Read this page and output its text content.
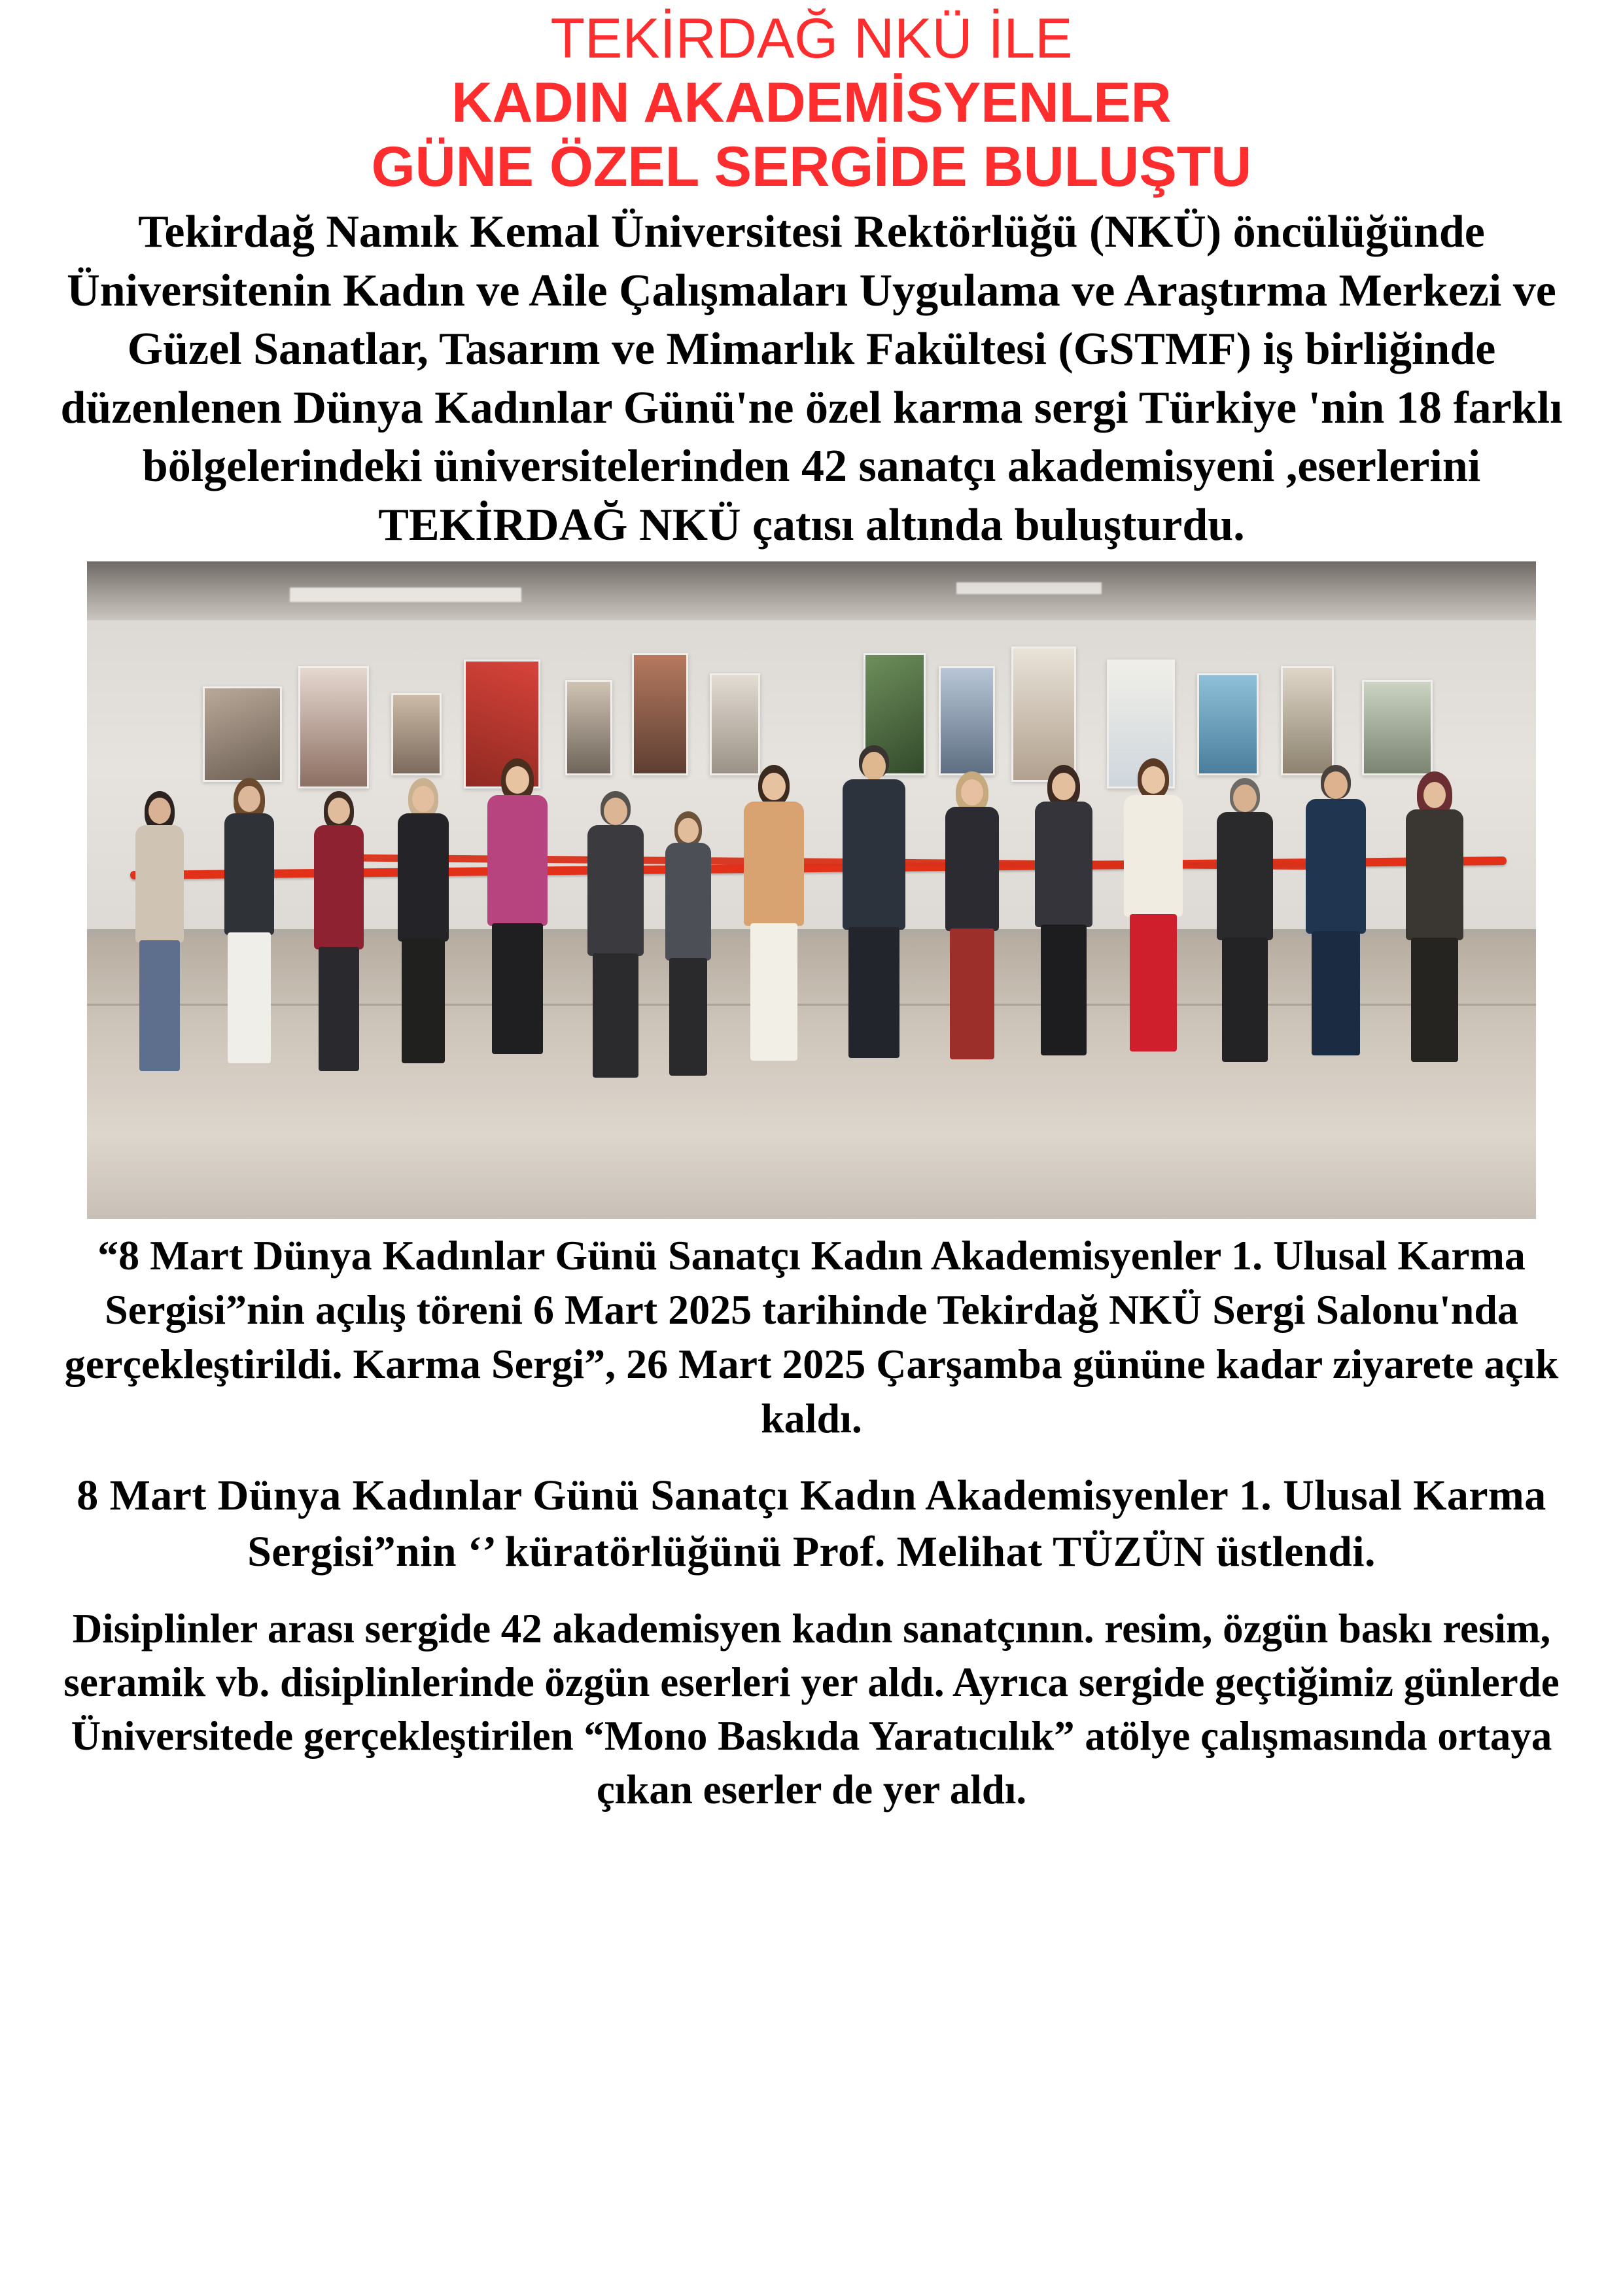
TEKİRDAĞ NKÜ İLE
KADIN AKADEMİSYENLER
GÜNE ÖZEL SERGİDE BULUŞTU

Tekirdağ Namık Kemal Üniversitesi Rektörlüğü (NKÜ) öncülüğünde Üniversitenin Kadın ve Aile Çalışmaları Uygulama ve Araştırma Merkezi ve Güzel Sanatlar, Tasarım ve Mimarlık Fakültesi (GSTMF) iş birliğinde düzenlenen Dünya Kadınlar Günü'ne özel karma sergi Türkiye 'nin 18 farklı bölgelerindeki üniversitelerinden 42 sanatçı akademisyeni ,eserlerini TEKİRDAĞ NKÜ çatısı altında buluşturdu.

“8 Mart Dünya Kadınlar Günü Sanatçı Kadın Akademisyenler 1. Ulusal Karma Sergisi”nin açılış töreni 6 Mart 2025 tarihinde Tekirdağ NKÜ Sergi Salonu'nda gerçekleştirildi. Karma Sergi”, 26 Mart 2025 Çarşamba gününe kadar ziyarete açık kaldı.

8 Mart Dünya Kadınlar Günü Sanatçı Kadın Akademisyenler 1. Ulusal Karma Sergisi”nin ‘’ küratörlüğünü Prof. Melihat TÜZÜN üstlendi.

Disiplinler arası sergide 42 akademisyen kadın sanatçının. resim, özgün baskı resim, seramik vb. disiplinlerinde özgün eserleri yer aldı. Ayrıca sergide geçtiğimiz günlerde Üniversitede gerçekleştirilen “Mono Baskıda Yaratıcılık” atölye çalışmasında ortaya çıkan eserler de yer aldı.
